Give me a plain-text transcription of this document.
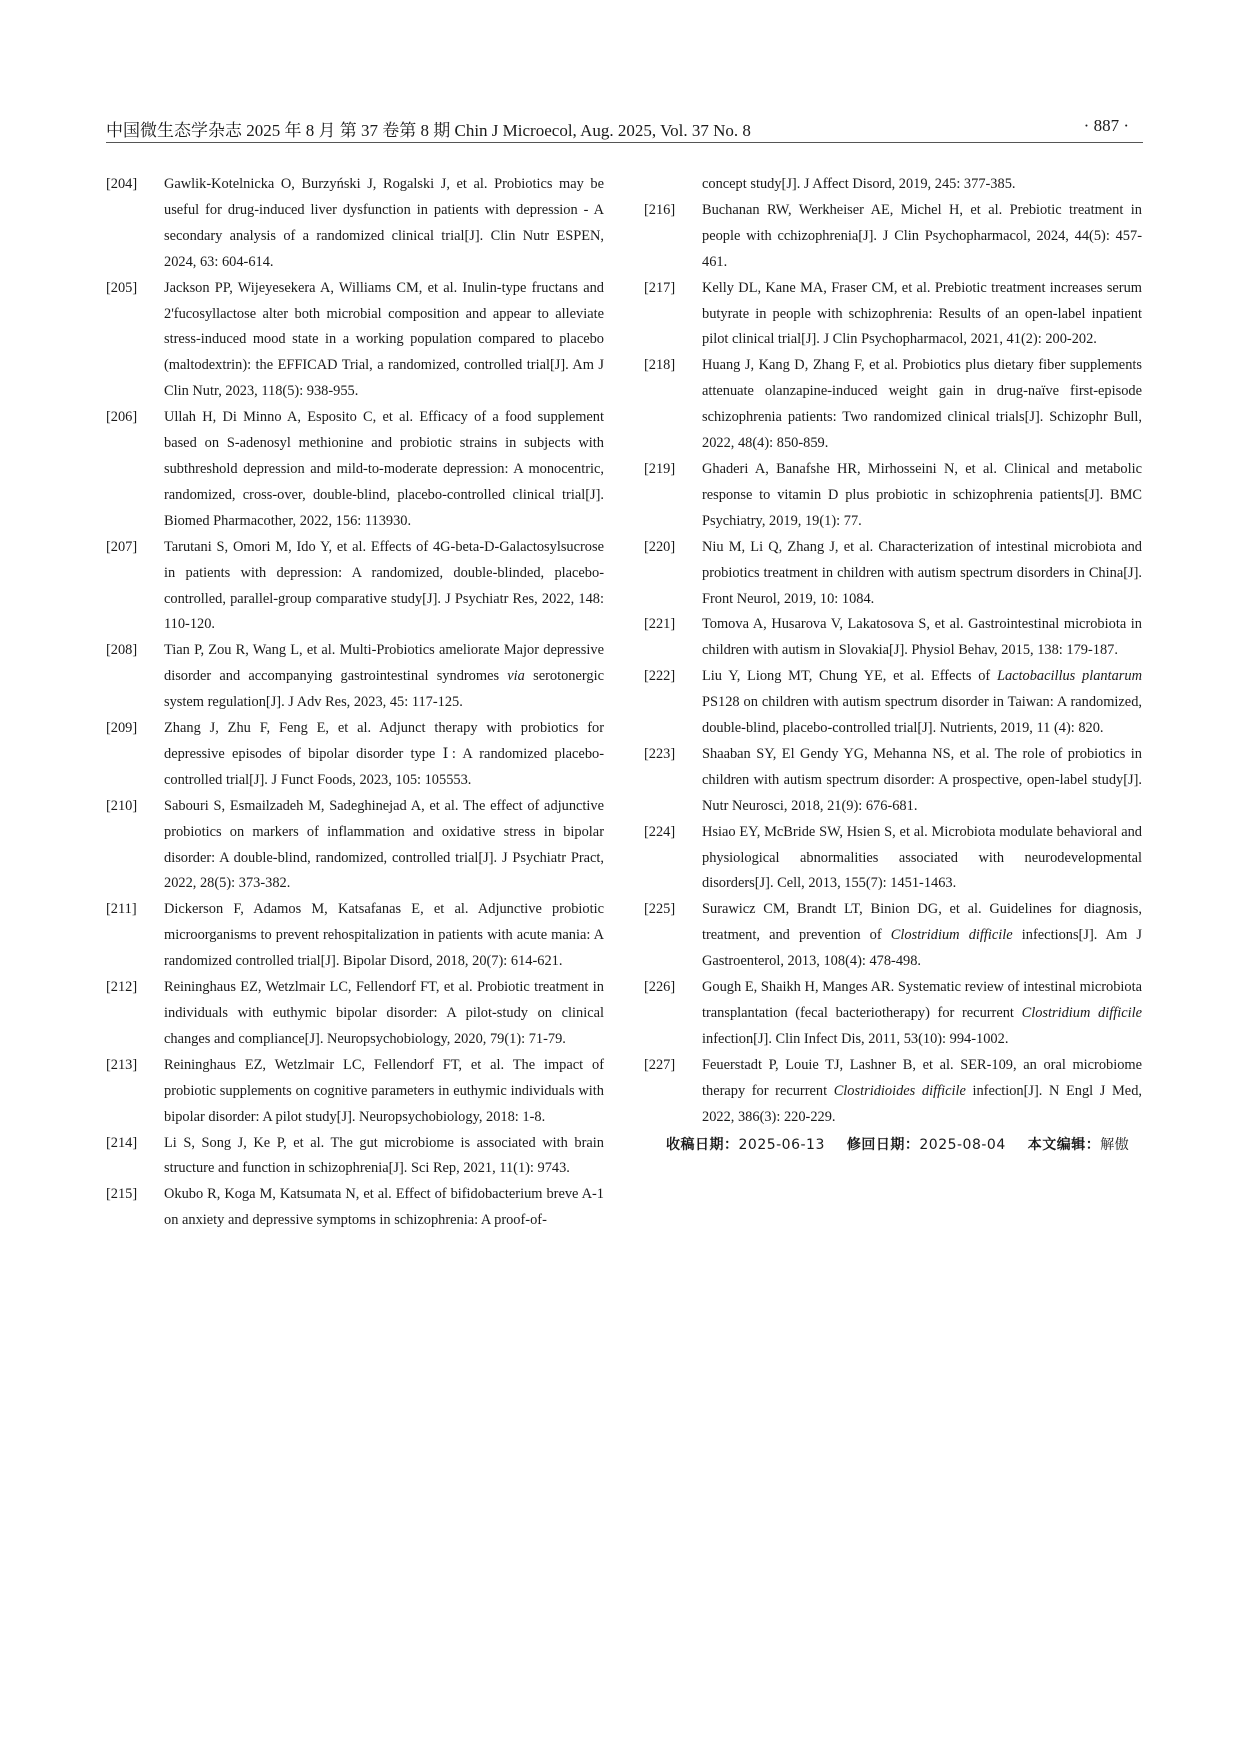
中国微生态学杂志 2025 年 8 月 第 37 卷第 8 期 Chin J Microecol, Aug. 2025, Vol. 37 No. 8	· 887 ·
[204] Gawlik-Kotelnicka O, Burzyński J, Rogalski J, et al. Probiotics may be useful for drug-induced liver dysfunction in patients with depression - A secondary analysis of a randomized clinical trial[J]. Clin Nutr ESPEN, 2024, 63: 604-614.
[205] Jackson PP, Wijeyesekera A, Williams CM, et al. Inulin-type fructans and 2'fucosyllactose alter both microbial composition and appear to alleviate stress-induced mood state in a working population compared to placebo (maltodextrin): the EFFICAD Trial, a randomized, controlled trial[J]. Am J Clin Nutr, 2023, 118(5): 938-955.
[206] Ullah H, Di Minno A, Esposito C, et al. Efficacy of a food supplement based on S-adenosyl methionine and probiotic strains in subjects with subthreshold depression and mild-to-moderate depression: A monocentric, randomized, cross-over, double-blind, placebo-controlled clinical trial[J]. Biomed Pharmacother, 2022, 156: 113930.
[207] Tarutani S, Omori M, Ido Y, et al. Effects of 4G-beta-D-Galactosylsucrose in patients with depression: A randomized, double-blinded, placebo-controlled, parallel-group comparative study[J]. J Psychiatr Res, 2022, 148: 110-120.
[208] Tian P, Zou R, Wang L, et al. Multi-Probiotics ameliorate Major depressive disorder and accompanying gastrointestinal syndromes via serotonergic system regulation[J]. J Adv Res, 2023, 45: 117-125.
[209] Zhang J, Zhu F, Feng E, et al. Adjunct therapy with probiotics for depressive episodes of bipolar disorder type Ⅰ: A randomized placebo-controlled trial[J]. J Funct Foods, 2023, 105: 105553.
[210] Sabouri S, Esmailzadeh M, Sadeghinejad A, et al. The effect of adjunctive probiotics on markers of inflammation and oxidative stress in bipolar disorder: A double-blind, randomized, controlled trial[J]. J Psychiatr Pract, 2022, 28(5): 373-382.
[211] Dickerson F, Adamos M, Katsafanas E, et al. Adjunctive probiotic microorganisms to prevent rehospitalization in patients with acute mania: A randomized controlled trial[J]. Bipolar Disord, 2018, 20(7): 614-621.
[212] Reininghaus EZ, Wetzlmair LC, Fellendorf FT, et al. Probiotic treatment in individuals with euthymic bipolar disorder: A pilot-study on clinical changes and compliance[J]. Neuropsychobiology, 2020, 79(1): 71-79.
[213] Reininghaus EZ, Wetzlmair LC, Fellendorf FT, et al. The impact of probiotic supplements on cognitive parameters in euthymic individuals with bipolar disorder: A pilot study[J]. Neuropsychobiology, 2018: 1-8.
[214] Li S, Song J, Ke P, et al. The gut microbiome is associated with brain structure and function in schizophrenia[J]. Sci Rep, 2021, 11(1): 9743.
[215] Okubo R, Koga M, Katsumata N, et al. Effect of bifidobacterium breve A-1 on anxiety and depressive symptoms in schizophrenia: A proof-of-
concept study[J]. J Affect Disord, 2019, 245: 377-385.
[216] Buchanan RW, Werkheiser AE, Michel H, et al. Prebiotic treatment in people with cchizophrenia[J]. J Clin Psychopharmacol, 2024, 44(5): 457-461.
[217] Kelly DL, Kane MA, Fraser CM, et al. Prebiotic treatment increases serum butyrate in people with schizophrenia: Results of an open-label inpatient pilot clinical trial[J]. J Clin Psychopharmacol, 2021, 41(2): 200-202.
[218] Huang J, Kang D, Zhang F, et al. Probiotics plus dietary fiber supplements attenuate olanzapine-induced weight gain in drug-naïve first-episode schizophrenia patients: Two randomized clinical trials[J]. Schizophr Bull, 2022, 48(4): 850-859.
[219] Ghaderi A, Banafshe HR, Mirhosseini N, et al. Clinical and metabolic response to vitamin D plus probiotic in schizophrenia patients[J]. BMC Psychiatry, 2019, 19(1): 77.
[220] Niu M, Li Q, Zhang J, et al. Characterization of intestinal microbiota and probiotics treatment in children with autism spectrum disorders in China[J]. Front Neurol, 2019, 10: 1084.
[221] Tomova A, Husarova V, Lakatosova S, et al. Gastrointestinal microbiota in children with autism in Slovakia[J]. Physiol Behav, 2015, 138: 179-187.
[222] Liu Y, Liong MT, Chung YE, et al. Effects of Lactobacillus plantarum PS128 on children with autism spectrum disorder in Taiwan: A randomized, double-blind, placebo-controlled trial[J]. Nutrients, 2019, 11 (4): 820.
[223] Shaaban SY, El Gendy YG, Mehanna NS, et al. The role of probiotics in children with autism spectrum disorder: A prospective, open-label study[J]. Nutr Neurosci, 2018, 21(9): 676-681.
[224] Hsiao EY, McBride SW, Hsien S, et al. Microbiota modulate behavioral and physiological abnormalities associated with neurodevelopmental disorders[J]. Cell, 2013, 155(7): 1451-1463.
[225] Surawicz CM, Brandt LT, Binion DG, et al. Guidelines for diagnosis, treatment, and prevention of Clostridium difficile infections[J]. Am J Gastroenterol, 2013, 108(4): 478-498.
[226] Gough E, Shaikh H, Manges AR. Systematic review of intestinal microbiota transplantation (fecal bacteriotherapy) for recurrent Clostridium difficile infection[J]. Clin Infect Dis, 2011, 53(10): 994-1002.
[227] Feuerstadt P, Louie TJ, Lashner B, et al. SER-109, an oral microbiome therapy for recurrent Clostridioides difficile infection[J]. N Engl J Med, 2022, 386(3): 220-229.
收稿日期：2025-06-13 修回日期：2025-08-04 本文编辑：解傲
